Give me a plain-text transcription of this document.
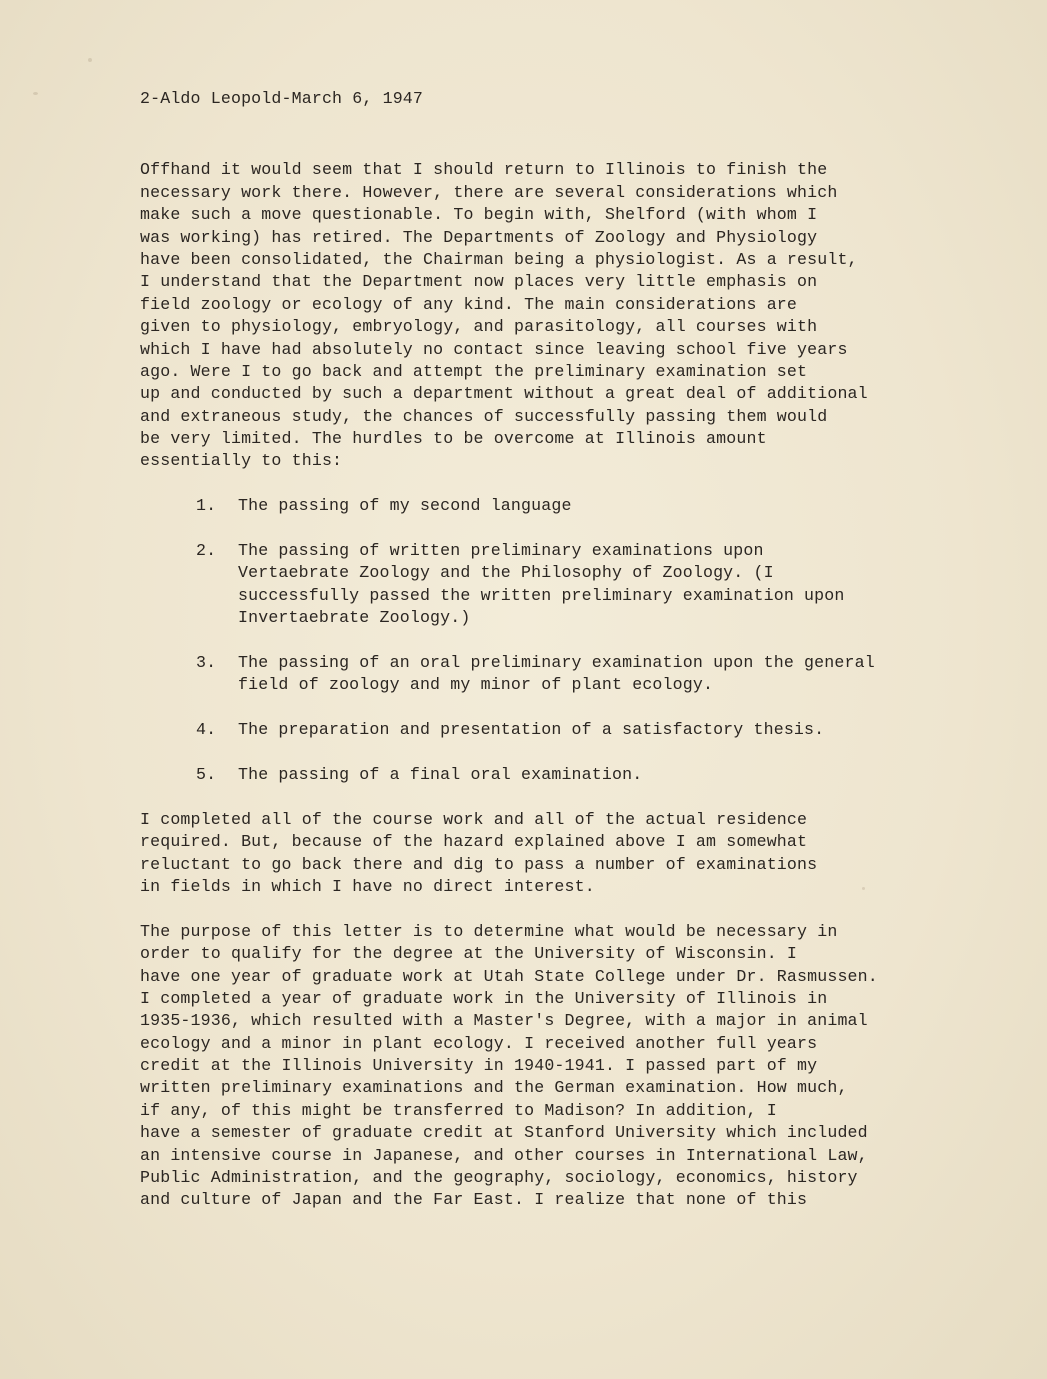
2-Aldo Leopold-March 6, 1947
Offhand it would seem that I should return to Illinois to finish the
necessary work there. However, there are several considerations which
make such a move questionable. To begin with, Shelford (with whom I
was working) has retired. The Departments of Zoology and Physiology
have been consolidated, the Chairman being a physiologist. As a result,
I understand that the Department now places very little emphasis on
field zoology or ecology of any kind. The main considerations are
given to physiology, embryology, and parasitology, all courses with
which I have had absolutely no contact since leaving school five years
ago. Were I to go back and attempt the preliminary examination set
up and conducted by such a department without a great deal of additional
and extraneous study, the chances of successfully passing them would
be very limited. The hurdles to be overcome at Illinois amount
essentially to this:
1.	The passing of my second language
2.	The passing of written preliminary examinations upon
Vertaebrate Zoology and the Philosophy of Zoology. (I
successfully passed the written preliminary examination upon
Invertaebrate Zoology.)
3.	The passing of an oral preliminary examination upon the general
field of zoology and my minor of plant ecology.
4.	The preparation and presentation of a satisfactory thesis.
5.	The passing of a final oral examination.
I completed all of the course work and all of the actual residence
required. But, because of the hazard explained above I am somewhat
reluctant to go back there and dig to pass a number of examinations
in fields in which I have no direct interest.
The purpose of this letter is to determine what would be necessary in
order to qualify for the degree at the University of Wisconsin. I
have one year of graduate work at Utah State College under Dr. Rasmussen.
I completed a year of graduate work in the University of Illinois in
1935-1936, which resulted with a Master's Degree, with a major in animal
ecology and a minor in plant ecology. I received another full years
credit at the Illinois University in 1940-1941. I passed part of my
written preliminary examinations and the German examination. How much,
if any, of this might be transferred to Madison? In addition, I
have a semester of graduate credit at Stanford University which included
an intensive course in Japanese, and other courses in International Law,
Public Administration, and the geography, sociology, economics, history
and culture of Japan and the Far East. I realize that none of this
